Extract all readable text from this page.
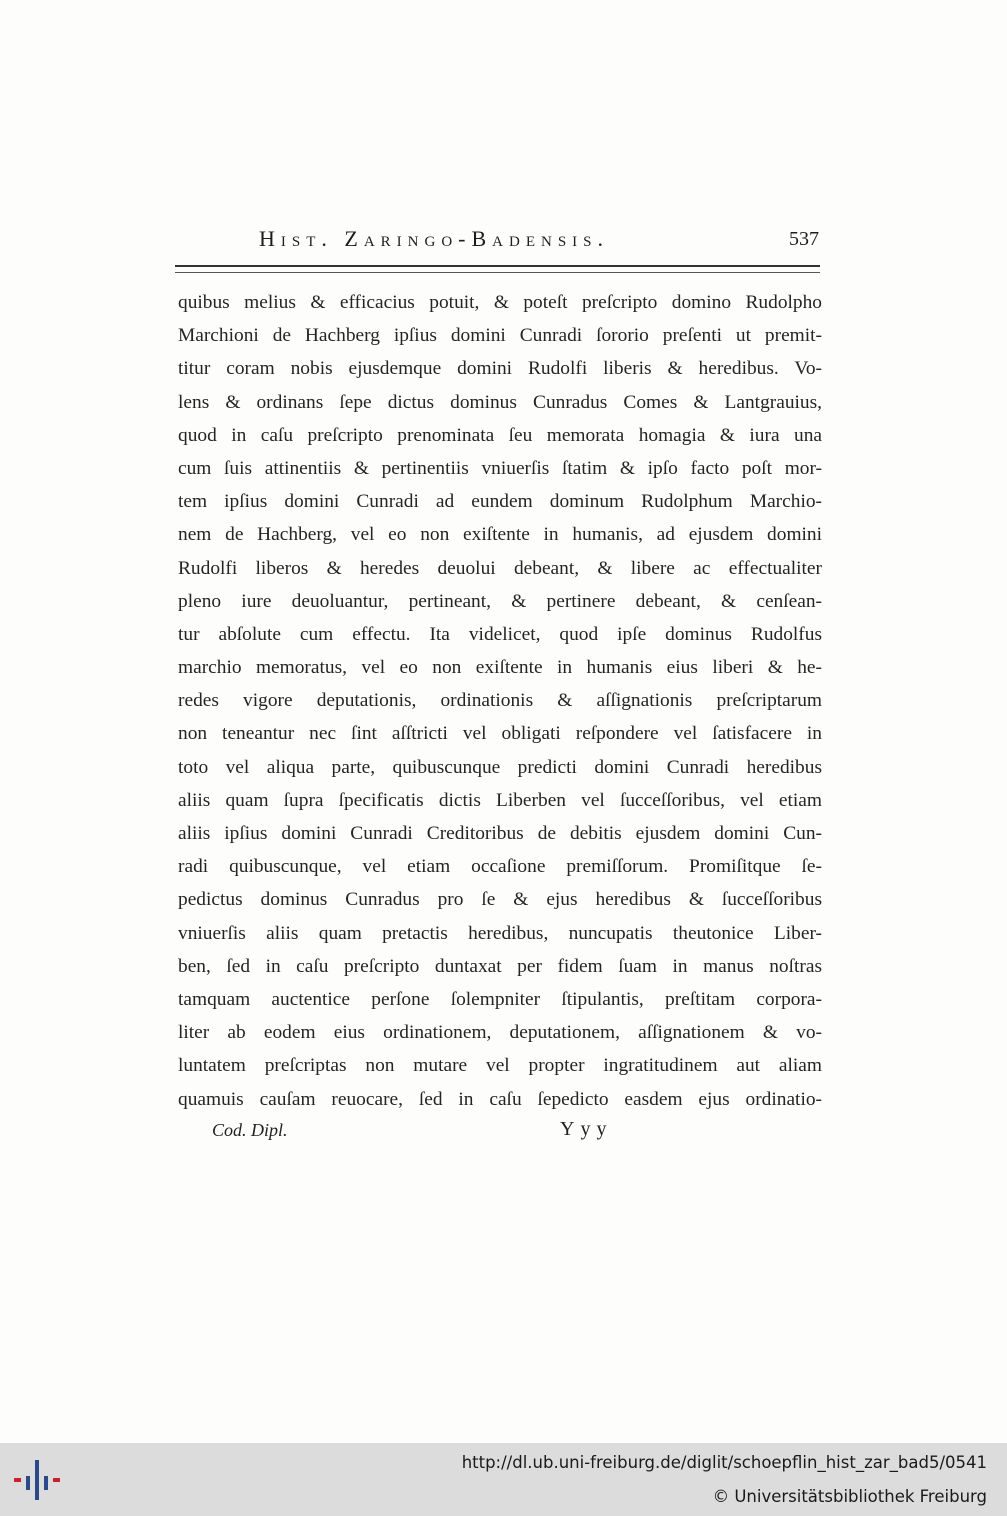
Hist. Zaringo-Badensis.	537
quibus melius & efficacius potuit, & poteſt preſcripto domino Rudolpho
Marchioni de Hachberg ipſius domini Cunradi ſororio preſenti ut premit-
titur coram nobis ejusdemque domini Rudolfi liberis & heredibus. Vo-
lens & ordinans ſepe dictus dominus Cunradus Comes & Lantgrauius,
quod in caſu preſcripto prenominata ſeu memorata homagia & iura una
cum ſuis attinentiis & pertinentiis vniuerſis ſtatim & ipſo facto poſt mor-
tem ipſius domini Cunradi ad eundem dominum Rudolphum Marchio-
nem de Hachberg, vel eo non exiſtente in humanis, ad ejusdem domini
Rudolfi liberos & heredes deuolui debeant, & libere ac effectualiter
pleno iure deuoluantur, pertineant, & pertinere debeant, & cenſean-
tur abſolute cum effectu. Ita videlicet, quod ipſe dominus Rudolfus
marchio memoratus, vel eo non exiſtente in humanis eius liberi & he-
redes vigore deputationis, ordinationis & aſſignationis preſcriptarum
non teneantur nec ſint aſſtricti vel obligati reſpondere vel ſatisfacere in
toto vel aliqua parte, quibuscunque predicti domini Cunradi heredibus
aliis quam ſupra ſpecificatis dictis Liberben vel ſucceſſoribus, vel etiam
aliis ipſius domini Cunradi Creditoribus de debitis ejusdem domini Cun-
radi quibuscunque, vel etiam occaſione premiſſorum. Promiſitque ſe-
pedictus dominus Cunradus pro ſe & ejus heredibus & ſucceſſoribus
vniuerſis aliis quam pretactis heredibus, nuncupatis theutonice Liber-
ben, ſed in caſu preſcripto duntaxat per fidem ſuam in manus noſtras
tamquam auctentice perſone ſolempniter ſtipulantis, preſtitam corpora-
liter ab eodem eius ordinationem, deputationem, aſſignationem & vo-
luntatem preſcriptas non mutare vel propter ingratitudinem aut aliam
quamuis cauſam reuocare, ſed in caſu ſepedicto easdem ejus ordinatio-
Cod. Dipl.	Yyy
http://dl.ub.uni-freiburg.de/diglit/schoepflin_hist_zar_bad5/0541
© Universitätsbibliothek Freiburg
